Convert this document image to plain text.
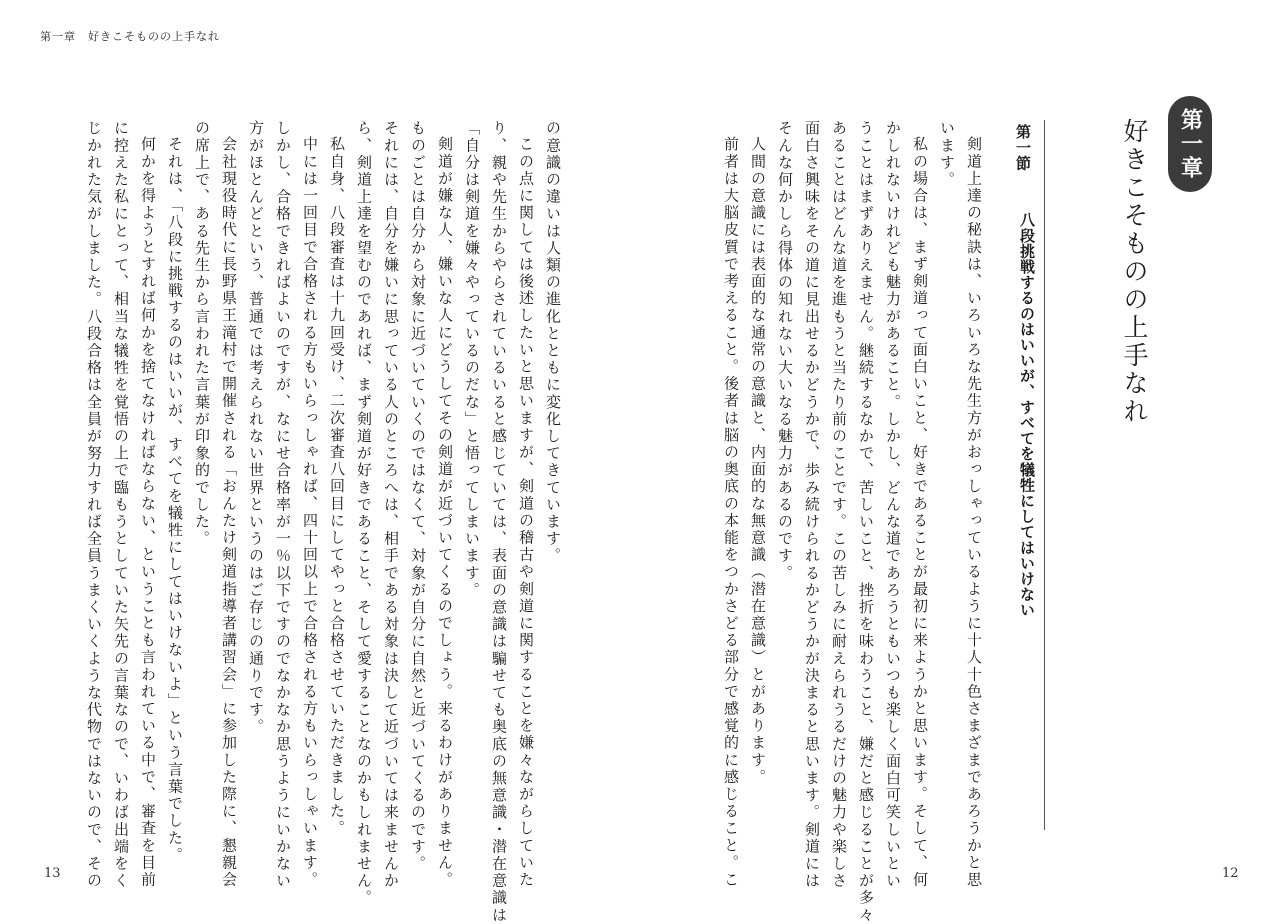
第一章　好きこそものの上手なれ
第一章
好きこそものの上手なれ
第一節
八段挑戦するのはいいが、すべてを犠牲にしてはいけない
剣道上達の秘訣は、いろいろな先生方がおっしゃっているように十人十色さまざまであろうかと思
います。
私の場合は、まず剣道って面白いこと、好きであることが最初に来ようかと思います。そして、何
かしれないけれども魅力があること。しかし、どんな道であろうともいつも楽しく面白可笑しいとい
うことはまずありえません。継続するなかで、苦しいこと、挫折を味わうこと、嫌だと感じることが多々
あることはどんな道を進もうと当たり前のことです。この苦しみに耐えられうるだけの魅力や楽しさ
面白さ興味をその道に見出せるかどうかで、歩み続けられるかどうかが決まると思います。剣道には
そんな何かしら得体の知れない大いなる魅力があるのです。
人間の意識には表面的な通常の意識と、内面的な無意識（潜在意識）とがあります。
前者は大脳皮質で考えること。後者は脳の奥底の本能をつかさどる部分で感覚的に感じること。こ
の意識の違いは人類の進化とともに変化してきています。
この点に関しては後述したいと思いますが、剣道の稽古や剣道に関することを嫌々ながらしていた
り、親や先生からやらされているいると感じていては、表面の意識は騙せても奥底の無意識・潜在意識は
「自分は剣道を嫌々やっているのだな」と悟ってしまいます。
剣道が嫌な人、嫌いな人にどうしてその剣道が近づいてくるのでしょう。来るわけがありません。
ものごとは自分から対象に近づいていくのではなくて、対象が自分に自然と近づいてくるのです。
それには、自分を嫌いに思っている人のところへは、相手である対象は決して近づいては来ませんか
ら、剣道上達を望むのであれば、まず剣道が好きであること、そして愛することなのかもしれません。
私自身、八段審査は十九回受け、二次審査八回目にしてやっと合格させていただきました。
中には一回目で合格される方もいらっしゃれば、四十回以上で合格される方もいらっしゃいます。
しかし、合格できればよいのですが、なにせ合格率が一％以下ですのでなかなか思うようにいかない
方がほとんどという、普通では考えられない世界というのはご存じの通りです。
会社現役時代に長野県王滝村で開催される「おんたけ剣道指導者講習会」に参加した際に、懇親会
の席上で、ある先生から言われた言葉が印象的でした。
それは、「八段に挑戦するのはいいが、すべてを犠牲にしてはいけないよ」という言葉でした。
何かを得ようとすれば何かを捨てなければならない、ということも言われている中で、審査を目前
に控えた私にとって、相当な犠牲を覚悟の上で臨もうとしていた矢先の言葉なので、いわば出端をく
じかれた気がしました。八段合格は全員が努力すれば全員うまくいくような代物ではないので、その
13	12
